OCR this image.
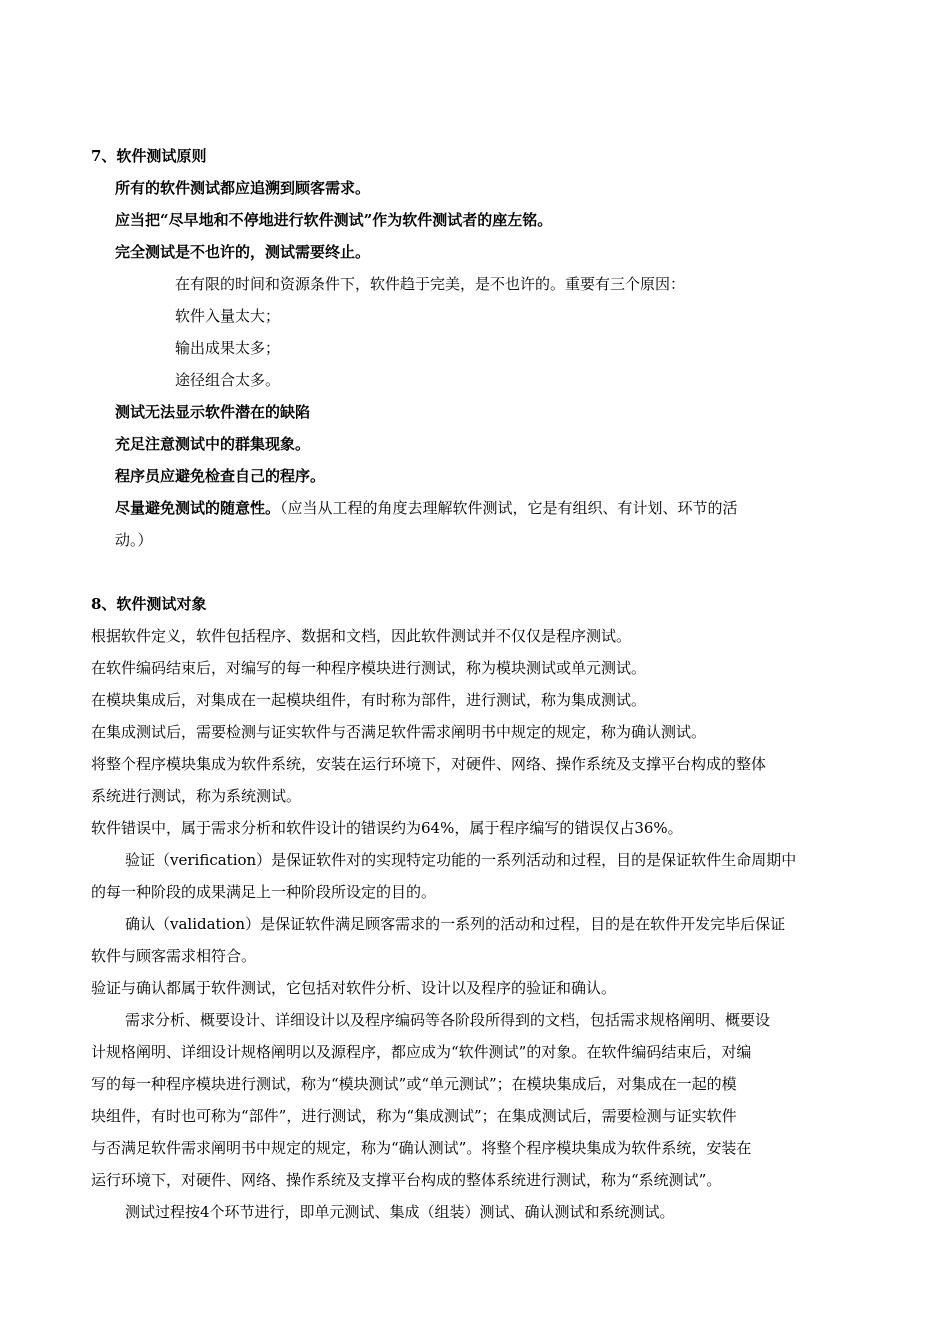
7、软件测试原则
所有的软件测试都应追溯到顾客需求。
应当把“尽早地和不停地进行软件测试”作为软件测试者的座左铭。
完全测试是不也许的，测试需要终止。
在有限的时间和资源条件下，软件趋于完美，是不也许的。重要有三个原因：
软件入量太大；
输出成果太多；
途径组合太多。
测试无法显示软件潜在的缺陷
充足注意测试中的群集现象。
程序员应避免检查自己的程序。
尽量避免测试的随意性。（应当从工程的角度去理解软件测试，它是有组织、有计划、环节的活
动。）
8、软件测试对象
根据软件定义，软件包括程序、数据和文档，因此软件测试并不仅仅是程序测试。
在软件编码结束后，对编写的每一种程序模块进行测试，称为模块测试或单元测试。
在模块集成后，对集成在一起模块组件，有时称为部件，进行测试，称为集成测试。
在集成测试后，需要检测与证实软件与否满足软件需求阐明书中规定的规定，称为确认测试。
将整个程序模块集成为软件系统，安装在运行环境下，对硬件、网络、操作系统及支撑平台构成的整体
系统进行测试，称为系统测试。
软件错误中，属于需求分析和软件设计的错误约为64%，属于程序编写的错误仅占36%。
验证（verification）是保证软件对的实现特定功能的一系列活动和过程，目的是保证软件生命周期中
的每一种阶段的成果满足上一种阶段所设定的目的。
确认（validation）是保证软件满足顾客需求的一系列的活动和过程，目的是在软件开发完毕后保证
软件与顾客需求相符合。
验证与确认都属于软件测试，它包括对软件分析、设计以及程序的验证和确认。
需求分析、概要设计、详细设计以及程序编码等各阶段所得到的文档，包括需求规格阐明、概要设
计规格阐明、详细设计规格阐明以及源程序，都应成为“软件测试”的对象。在软件编码结束后，对编
写的每一种程序模块进行测试，称为“模块测试”或“单元测试”；在模块集成后，对集成在一起的模
块组件，有时也可称为“部件”，进行测试，称为“集成测试”；在集成测试后，需要检测与证实软件
与否满足软件需求阐明书中规定的规定，称为“确认测试”。将整个程序模块集成为软件系统，安装在
运行环境下，对硬件、网络、操作系统及支撑平台构成的整体系统进行测试，称为“系统测试”。
测试过程按4个环节进行，即单元测试、集成（组装）测试、确认测试和系统测试。
